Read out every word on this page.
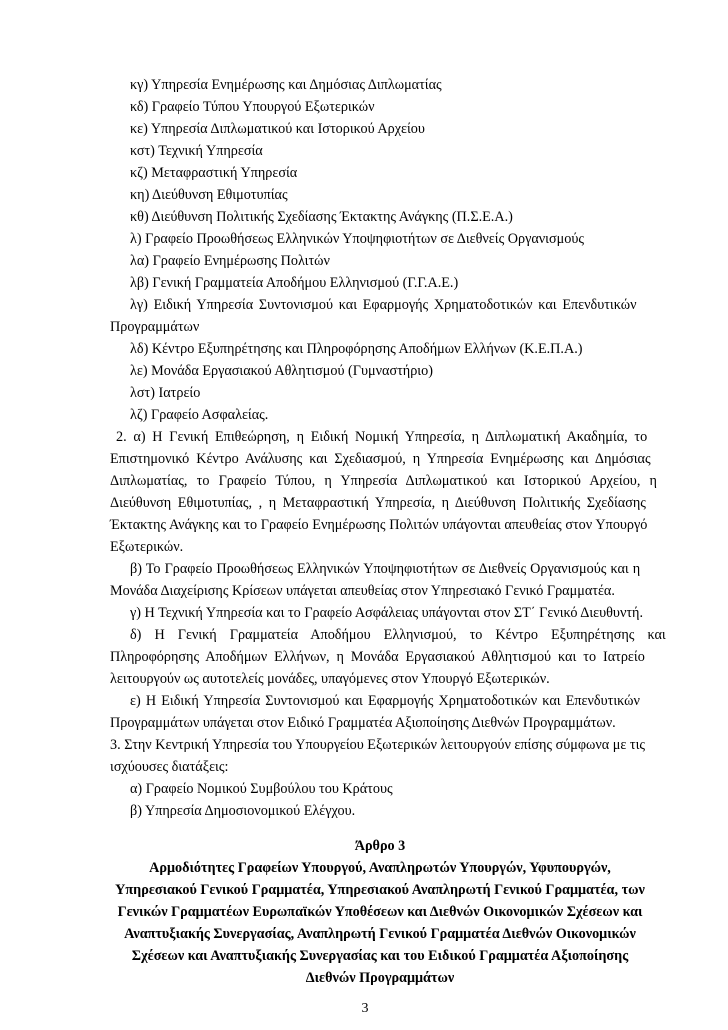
κγ) Υπηρεσία Ενημέρωσης και Δημόσιας Διπλωματίας
κδ) Γραφείο Τύπου Υπουργού Εξωτερικών
κε) Υπηρεσία Διπλωματικού και Ιστορικού Αρχείου
κστ) Τεχνική Υπηρεσία
κζ) Μεταφραστική Υπηρεσία
κη) Διεύθυνση Εθιμοτυπίας
κθ) Διεύθυνση Πολιτικής Σχεδίασης Έκτακτης Ανάγκης (Π.Σ.Ε.Α.)
λ) Γραφείο Προωθήσεως Ελληνικών Υποψηφιοτήτων σε Διεθνείς Οργανισμούς
λα) Γραφείο Ενημέρωσης Πολιτών
λβ) Γενική Γραμματεία Αποδήμου Ελληνισμού (Γ.Γ.Α.Ε.)
λγ) Ειδική Υπηρεσία Συντονισμού και Εφαρμογής Χρηματοδοτικών και Επενδυτικών
Προγραμμάτων
λδ) Κέντρο Εξυπηρέτησης και Πληροφόρησης Αποδήμων Ελλήνων (Κ.Ε.Π.Α.)
λε) Μονάδα Εργασιακού Αθλητισμού (Γυμναστήριο)
λστ) Ιατρείο
λζ) Γραφείο Ασφαλείας.
2. α) Η Γενική Επιθεώρηση, η Ειδική Νομική Υπηρεσία, η Διπλωματική Ακαδημία, το
Επιστημονικό Κέντρο Ανάλυσης και Σχεδιασμού, η Υπηρεσία Ενημέρωσης και Δημόσιας
Διπλωματίας, το Γραφείο Τύπου, η Υπηρεσία Διπλωματικού και Ιστορικού Αρχείου, η
Διεύθυνση Εθιμοτυπίας, , η Μεταφραστική Υπηρεσία, η Διεύθυνση Πολιτικής Σχεδίασης
Έκτακτης Ανάγκης και το Γραφείο Ενημέρωσης Πολιτών υπάγονται απευθείας στον Υπουργό
Εξωτερικών.
β) Το Γραφείο Προωθήσεως Ελληνικών Υποψηφιοτήτων σε Διεθνείς Οργανισμούς και η
Μονάδα Διαχείρισης Κρίσεων υπάγεται απευθείας στον Υπηρεσιακό Γενικό Γραμματέα.
γ) Η Τεχνική Υπηρεσία και το Γραφείο Ασφάλειας υπάγονται στον ΣΤ΄ Γενικό Διευθυντή.
δ) Η Γενική Γραμματεία Αποδήμου Ελληνισμού, το Κέντρο Εξυπηρέτησης και
Πληροφόρησης Αποδήμων Ελλήνων, η Μονάδα Εργασιακού Αθλητισμού και το Ιατρείο
λειτουργούν ως αυτοτελείς μονάδες, υπαγόμενες στον Υπουργό Εξωτερικών.
ε) Η Ειδική Υπηρεσία Συντονισμού και Εφαρμογής Χρηματοδοτικών και Επενδυτικών
Προγραμμάτων υπάγεται στον Ειδικό Γραμματέα Αξιοποίησης Διεθνών Προγραμμάτων.
3. Στην Κεντρική Υπηρεσία του Υπουργείου Εξωτερικών λειτουργούν επίσης σύμφωνα με τις
ισχύουσες διατάξεις:
α) Γραφείο Νομικού Συμβούλου του Κράτους
β) Υπηρεσία Δημοσιονομικού Ελέγχου.
Άρθρο 3
Αρμοδιότητες Γραφείων Υπουργού, Αναπληρωτών Υπουργών, Υφυπουργών,
Υπηρεσιακού Γενικού Γραμματέα, Υπηρεσιακού Αναπληρωτή Γενικού Γραμματέα, των
Γενικών Γραμματέων Ευρωπαϊκών Υποθέσεων και Διεθνών Οικονομικών Σχέσεων και
Αναπτυξιακής Συνεργασίας, Αναπληρωτή Γενικού Γραμματέα Διεθνών Οικονομικών
Σχέσεων και Αναπτυξιακής Συνεργασίας και του Ειδικού Γραμματέα Αξιοποίησης
Διεθνών Προγραμμάτων
3
